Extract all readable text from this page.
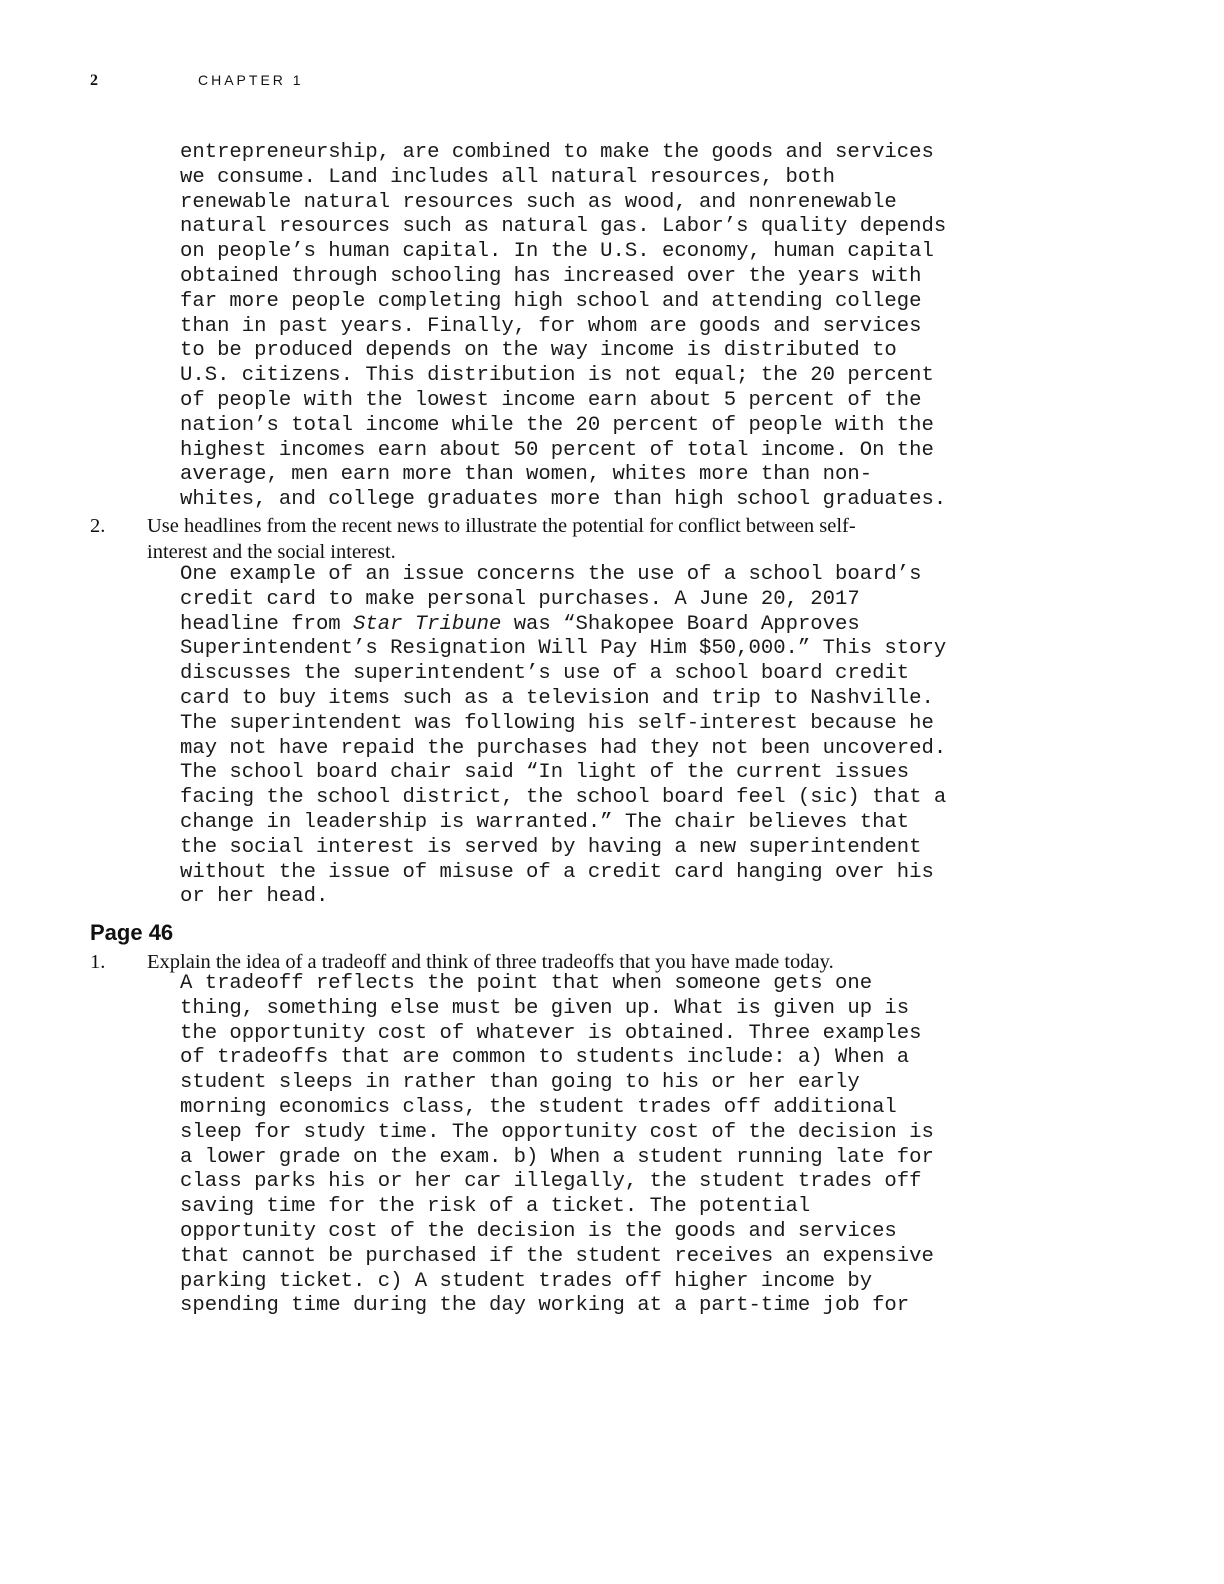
2	CHAPTER 1
entrepreneurship, are combined to make the goods and services
we consume. Land includes all natural resources, both
renewable natural resources such as wood, and nonrenewable
natural resources such as natural gas. Labor’s quality depends
on people’s human capital. In the U.S. economy, human capital
obtained through schooling has increased over the years with
far more people completing high school and attending college
than in past years. Finally, for whom are goods and services
to be produced depends on the way income is distributed to
U.S. citizens. This distribution is not equal; the 20 percent
of people with the lowest income earn about 5 percent of the
nation’s total income while the 20 percent of people with the
highest incomes earn about 50 percent of total income. On the
average, men earn more than women, whites more than non-
whites, and college graduates more than high school graduates.
2. Use headlines from the recent news to illustrate the potential for conflict between self-
interest and the social interest.
One example of an issue concerns the use of a school board’s
credit card to make personal purchases. A June 20, 2017
headline from Star Tribune was “Shakopee Board Approves
Superintendent’s Resignation Will Pay Him $50,000.” This story
discusses the superintendent’s use of a school board credit
card to buy items such as a television and trip to Nashville.
The superintendent was following his self-interest because he
may not have repaid the purchases had they not been uncovered.
The school board chair said “In light of the current issues
facing the school district, the school board feel (sic) that a
change in leadership is warranted.” The chair believes that
the social interest is served by having a new superintendent
without the issue of misuse of a credit card hanging over his
or her head.
Page 46
1. Explain the idea of a tradeoff and think of three tradeoffs that you have made today.
A tradeoff reflects the point that when someone gets one
thing, something else must be given up. What is given up is
the opportunity cost of whatever is obtained. Three examples
of tradeoffs that are common to students include: a) When a
student sleeps in rather than going to his or her early
morning economics class, the student trades off additional
sleep for study time. The opportunity cost of the decision is
a lower grade on the exam. b) When a student running late for
class parks his or her car illegally, the student trades off
saving time for the risk of a ticket. The potential
opportunity cost of the decision is the goods and services
that cannot be purchased if the student receives an expensive
parking ticket. c) A student trades off higher income by
spending time during the day working at a part-time job for
